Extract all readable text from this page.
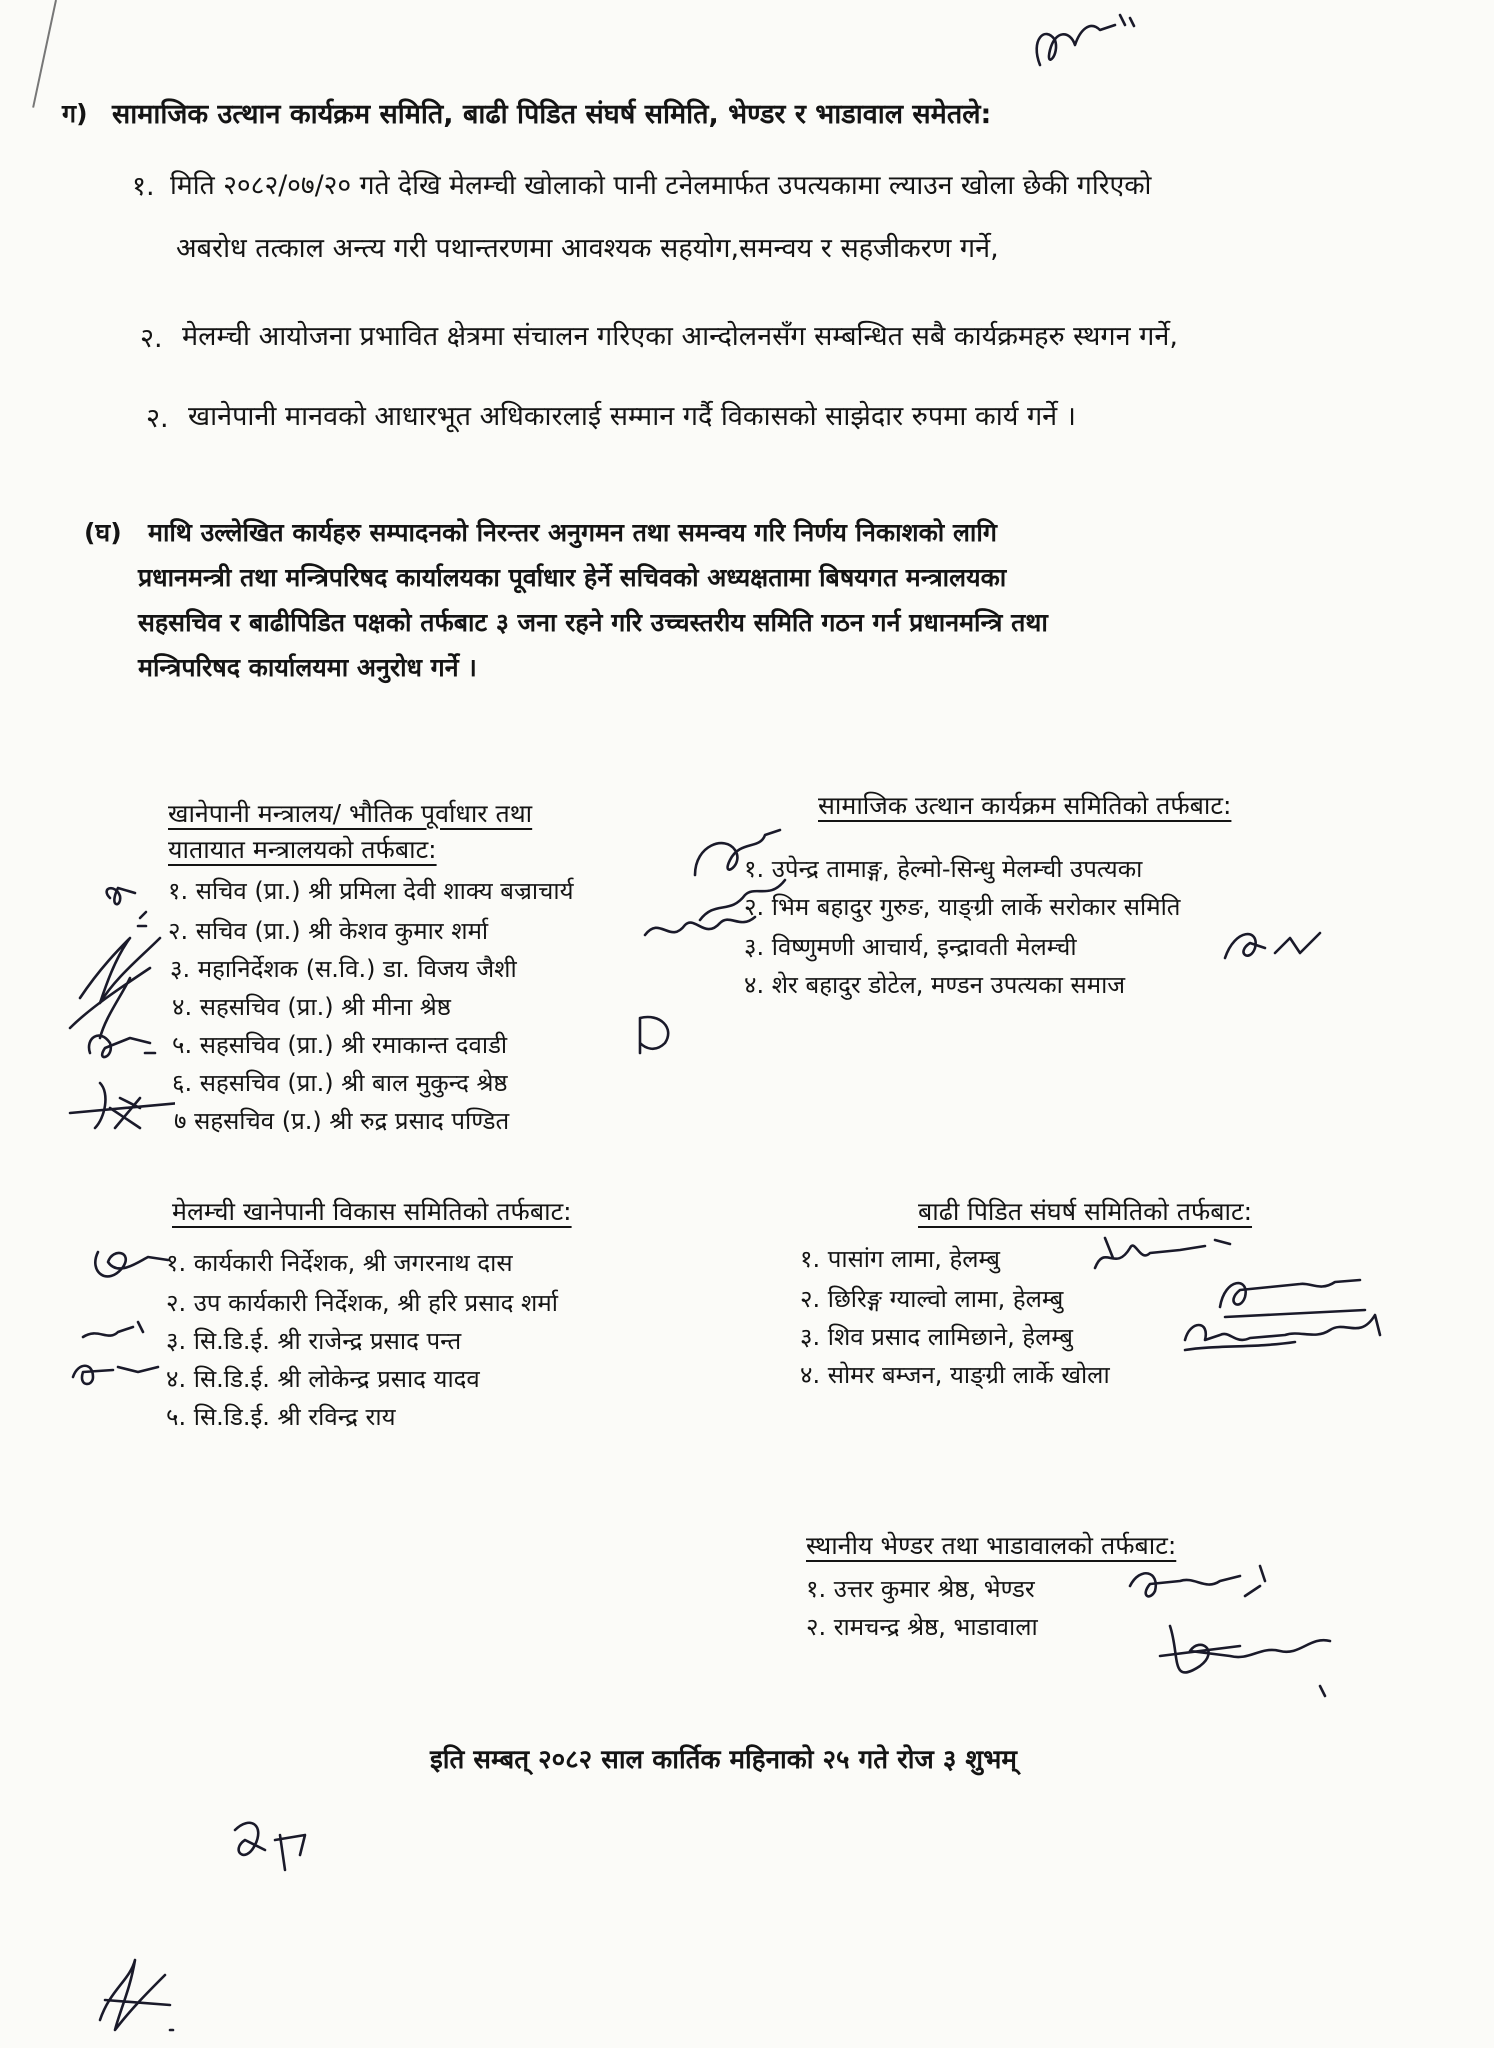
ग) सामाजिक उत्थान कार्यक्रम समिति, बाढी पिडित संघर्ष समिति, भेण्डर र भाडावाल समेतले:
१. मिति २०८२/०७/२० गते देखि मेलम्ची खोलाको पानी टनेलमार्फत उपत्यकामा ल्याउन खोला छेकी गरिएको
अबरोध तत्काल अन्त्य गरी पथान्तरणमा आवश्यक सहयोग,समन्वय र सहजीकरण गर्ने,
२. मेलम्ची आयोजना प्रभावित क्षेत्रमा संचालन गरिएका आन्दोलनसँग सम्बन्धित सबै कार्यक्रमहरु स्थगन गर्ने,
२. खानेपानी मानवको आधारभूत अधिकारलाई सम्मान गर्दै विकासको साझेदार रुपमा कार्य गर्ने ।
(घ) माथि उल्लेखित कार्यहरु सम्पादनको निरन्तर अनुगमन तथा समन्वय गरि निर्णय निकाशको लागि
प्रधानमन्त्री तथा मन्त्रिपरिषद कार्यालयका पूर्वाधार हेर्ने सचिवको अध्यक्षतामा बिषयगत मन्त्रालयका
सहसचिव र बाढीपिडित पक्षको तर्फबाट ३ जना रहने गरि उच्चस्तरीय समिति गठन गर्न प्रधानमन्त्रि तथा
मन्त्रिपरिषद कार्यालयमा अनुरोध गर्ने ।
खानेपानी मन्त्रालय/ भौतिक पूर्वाधार तथा
यातायात मन्त्रालयको तर्फबाट:
१. सचिव (प्रा.) श्री प्रमिला देवी शाक्य बज्राचार्य
२. सचिव (प्रा.) श्री केशव कुमार शर्मा
३. महानिर्देशक (स.वि.) डा. विजय जैशी
४. सहसचिव (प्रा.) श्री मीना श्रेष्ठ
५. सहसचिव (प्रा.) श्री रमाकान्त दवाडी
६. सहसचिव (प्रा.) श्री बाल मुकुन्द श्रेष्ठ
७ सहसचिव (प्र.) श्री रुद्र प्रसाद पण्डित
सामाजिक उत्थान कार्यक्रम समितिको तर्फबाट:
१. उपेन्द्र तामाङ्ग, हेल्मो-सिन्धु मेलम्ची उपत्यका
२. भिम बहादुर गुरुङ, याङ्ग्री लार्के सरोकार समिति
३. विष्णुमणी आचार्य, इन्द्रावती मेलम्ची
४. शेर बहादुर डोटेल, मण्डन उपत्यका समाज
मेलम्ची खानेपानी विकास समितिको तर्फबाट:
१. कार्यकारी निर्देशक, श्री जगरनाथ दास
२. उप कार्यकारी निर्देशक, श्री हरि प्रसाद शर्मा
३. सि.डि.ई. श्री राजेन्द्र प्रसाद पन्त
४. सि.डि.ई. श्री लोकेन्द्र प्रसाद यादव
५. सि.डि.ई. श्री रविन्द्र राय
बाढी पिडित संघर्ष समितिको तर्फबाट:
१. पासांग लामा, हेलम्बु
२. छिरिङ्ग ग्याल्वो लामा, हेलम्बु
३. शिव प्रसाद लामिछाने, हेलम्बु
४. सोमर बम्जन, याङ्ग्री लार्के खोला
स्थानीय भेण्डर तथा भाडावालको तर्फबाट:
१. उत्तर कुमार श्रेष्ठ, भेण्डर
२. रामचन्द्र श्रेष्ठ, भाडावाला
इति सम्बत् २०८२ साल कार्तिक महिनाको २५ गते रोज ३ शुभम्
